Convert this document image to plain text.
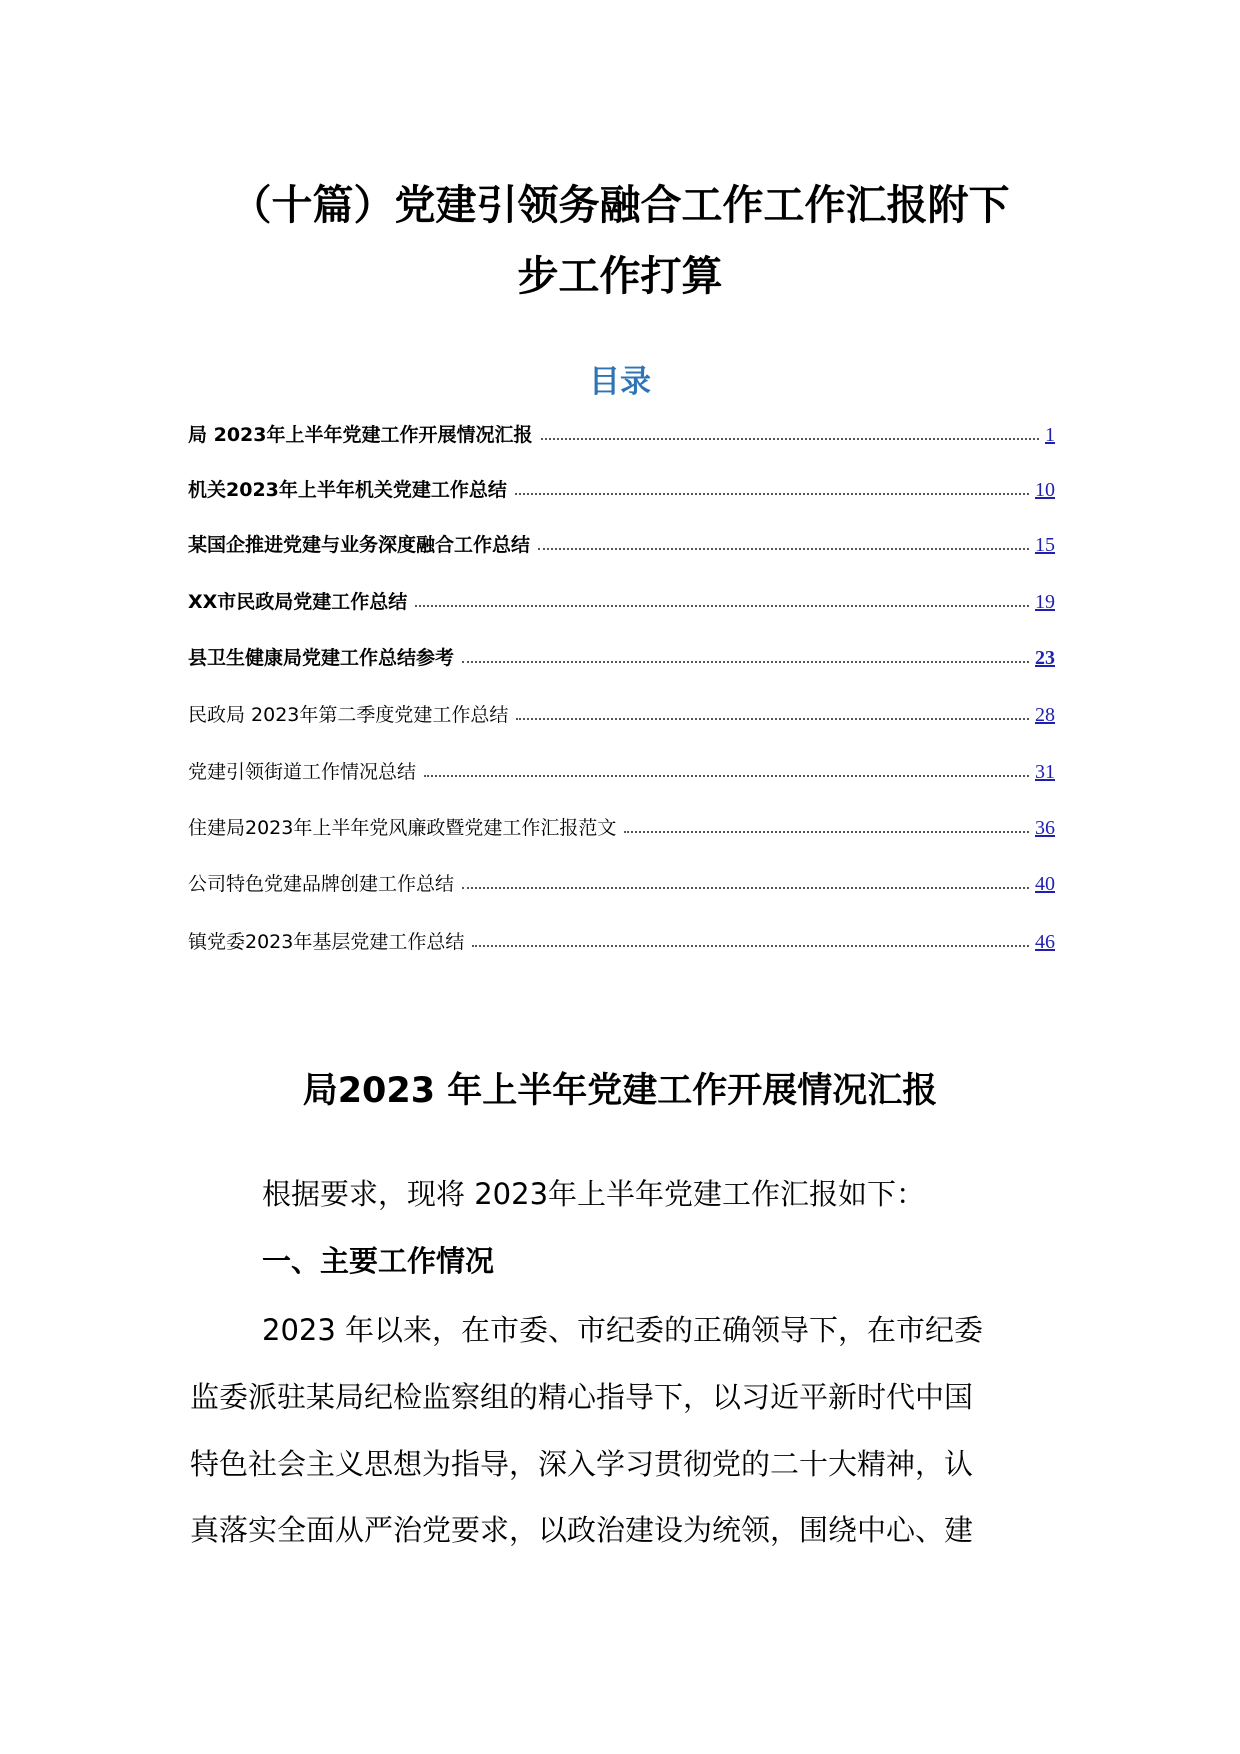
（十篇）党建引领务融合工作工作汇报附下
步工作打算
目录
局 2023年上半年党建工作开展情况汇报	1
机关2023年上半年机关党建工作总结	10
某国企推进党建与业务深度融合工作总结	15
XX市民政局党建工作总结	19
县卫生健康局党建工作总结参考	23
民政局 2023年第二季度党建工作总结	28
党建引领街道工作情况总结	31
住建局2023年上半年党风廉政暨党建工作汇报范文	36
公司特色党建品牌创建工作总结	40
镇党委2023年基层党建工作总结	46
局2023 年上半年党建工作开展情况汇报

根据要求，现将 2023年上半年党建工作汇报如下：

一、主要工作情况

2023 年以来，在市委、市纪委的正确领导下，在市纪委

监委派驻某局纪检监察组的精心指导下，以习近平新时代中国

特色社会主义思想为指导，深入学习贯彻党的二十大精神，认

真落实全面从严治党要求，以政治建设为统领，围绕中心、建
